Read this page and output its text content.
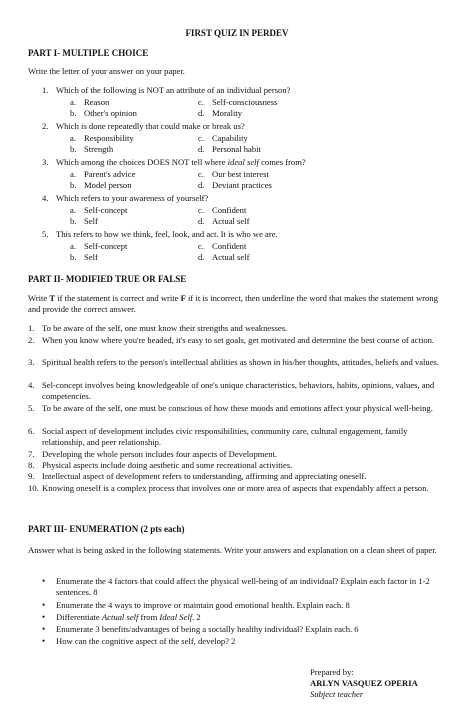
FIRST QUIZ IN PERDEV
PART I- MULTIPLE CHOICE
Write the letter of your answer on your paper.
1. Which of the following is NOT an attribute of an individual person?
a. Reason	c. Self-consciousness
b. Other's opinion	d. Morality
2. Which is done repeatedly that could make or break us?
a. Responsibility	c. Capability
b. Strength	d. Personal habit
3. Which among the choices DOES NOT tell where ideal self comes from?
a. Parent's advice	c. Our best interest
b. Model person	d. Deviant practices
4. Which refers to your awareness of yourself?
a. Self-concept	c. Confident
b. Self	d. Actual self
5. This refers to how we think, feel, look, and act. It is who we are.
a. Self-concept	c. Confident
b. Self	d. Actual self
PART II- MODIFIED TRUE OR FALSE
Write T if the statement is correct and write F if it is incorrect, then underline the word that makes the statement wrong and provide the correct answer.
1. To be aware of the self, one must know their strengths and weaknesses.
2. When you know where you're headed, it's easy to set goals, get motivated and determine the best course of action.
3. Spiritual health refers to the person's intellectual abilities as shown in his/her thoughts, attitudes, beliefs and values.
4. Sel-concept involves being knowledgeable of one's unique characteristics, behaviors, habits, opinions, values, and competencies.
5. To be aware of the self, one must be conscious of how these moods and emotions affect your physical well-being.
6. Social aspect of development includes civic responsibilities, community care, cultural engagement, family relationship, and peer relationship.
7. Developing the whole person includes four aspects of Development.
8. Physical aspects include doing aesthetic and some recreational activities.
9. Intellectual aspect of development refers to understanding, affirming and appreciating oneself.
10. Knowing oneself is a complex process that involves one or more area of aspects that expendably affect a person.
PART III- ENUMERATION (2 pts each)
Answer what is being asked in the following statements. Write your answers and explanation on a clean sheet of paper.
• Enumerate the 4 factors that could affect the physical well-being of an individual? Explain each factor in 1-2 sentences. 8
• Enumerate the 4 ways to improve or maintain good emotional health. Explain each. 8
• Differentiate Actual self from Ideal Self. 2
• Enumerate 3 benefits/advantages of being a socially healthy individual? Explain each. 6
• How can the cognitive aspect of the self, develop? 2
Prepared by:
ARLYN VASQUEZ OPERIA
Subject teacher
